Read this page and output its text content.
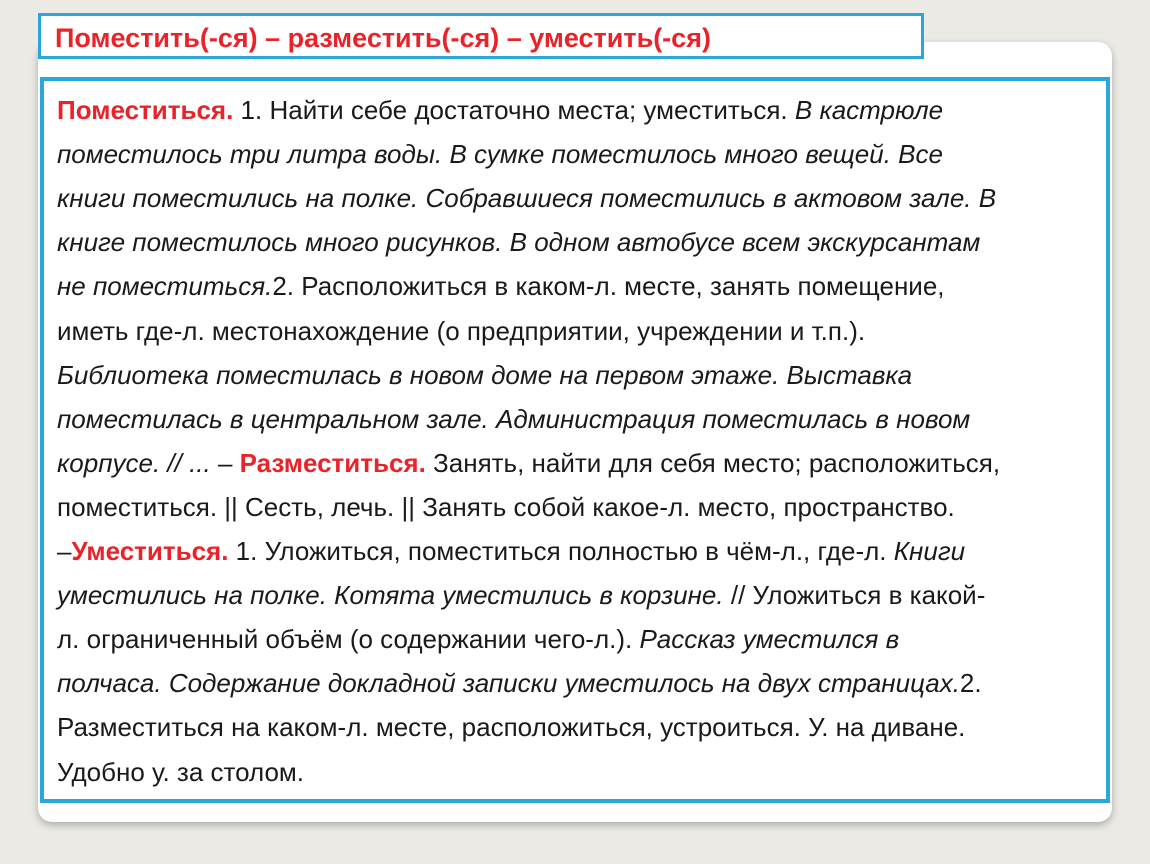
Поместить(-ся) – разместить(-ся) – уместить(-ся)
Поместиться. 1. Найти себе достаточно места; уместиться. В кастрюле
поместилось три литра воды. В сумке поместилось много вещей. Все
книги поместились на полке. Собравшиеся поместились в актовом зале. В
книге поместилось много рисунков. В одном автобусе всем экскурсантам
не поместиться.2. Расположиться в каком-л. месте, занять помещение,
иметь где-л. местонахождение (о предприятии, учреждении и т.п.).
Библиотека поместилась в новом доме на первом этаже. Выставка
поместилась в центральном зале. Администрация поместилась в новом
корпусе. // ... – Разместиться. Занять, найти для себя место; расположиться,
поместиться. || Сесть, лечь. || Занять собой какое-л. место, пространство.
–Уместиться. 1. Уложиться, поместиться полностью в чём-л., где-л. Книги
уместились на полке. Котята уместились в корзине. // Уложиться в какой-
л. ограниченный объём (о содержании чего-л.). Рассказ уместился в
полчаса. Содержание докладной записки уместилось на двух страницах.2.
Разместиться на каком-л. месте, расположиться, устроиться. У. на диване.
Удобно у. за столом.
